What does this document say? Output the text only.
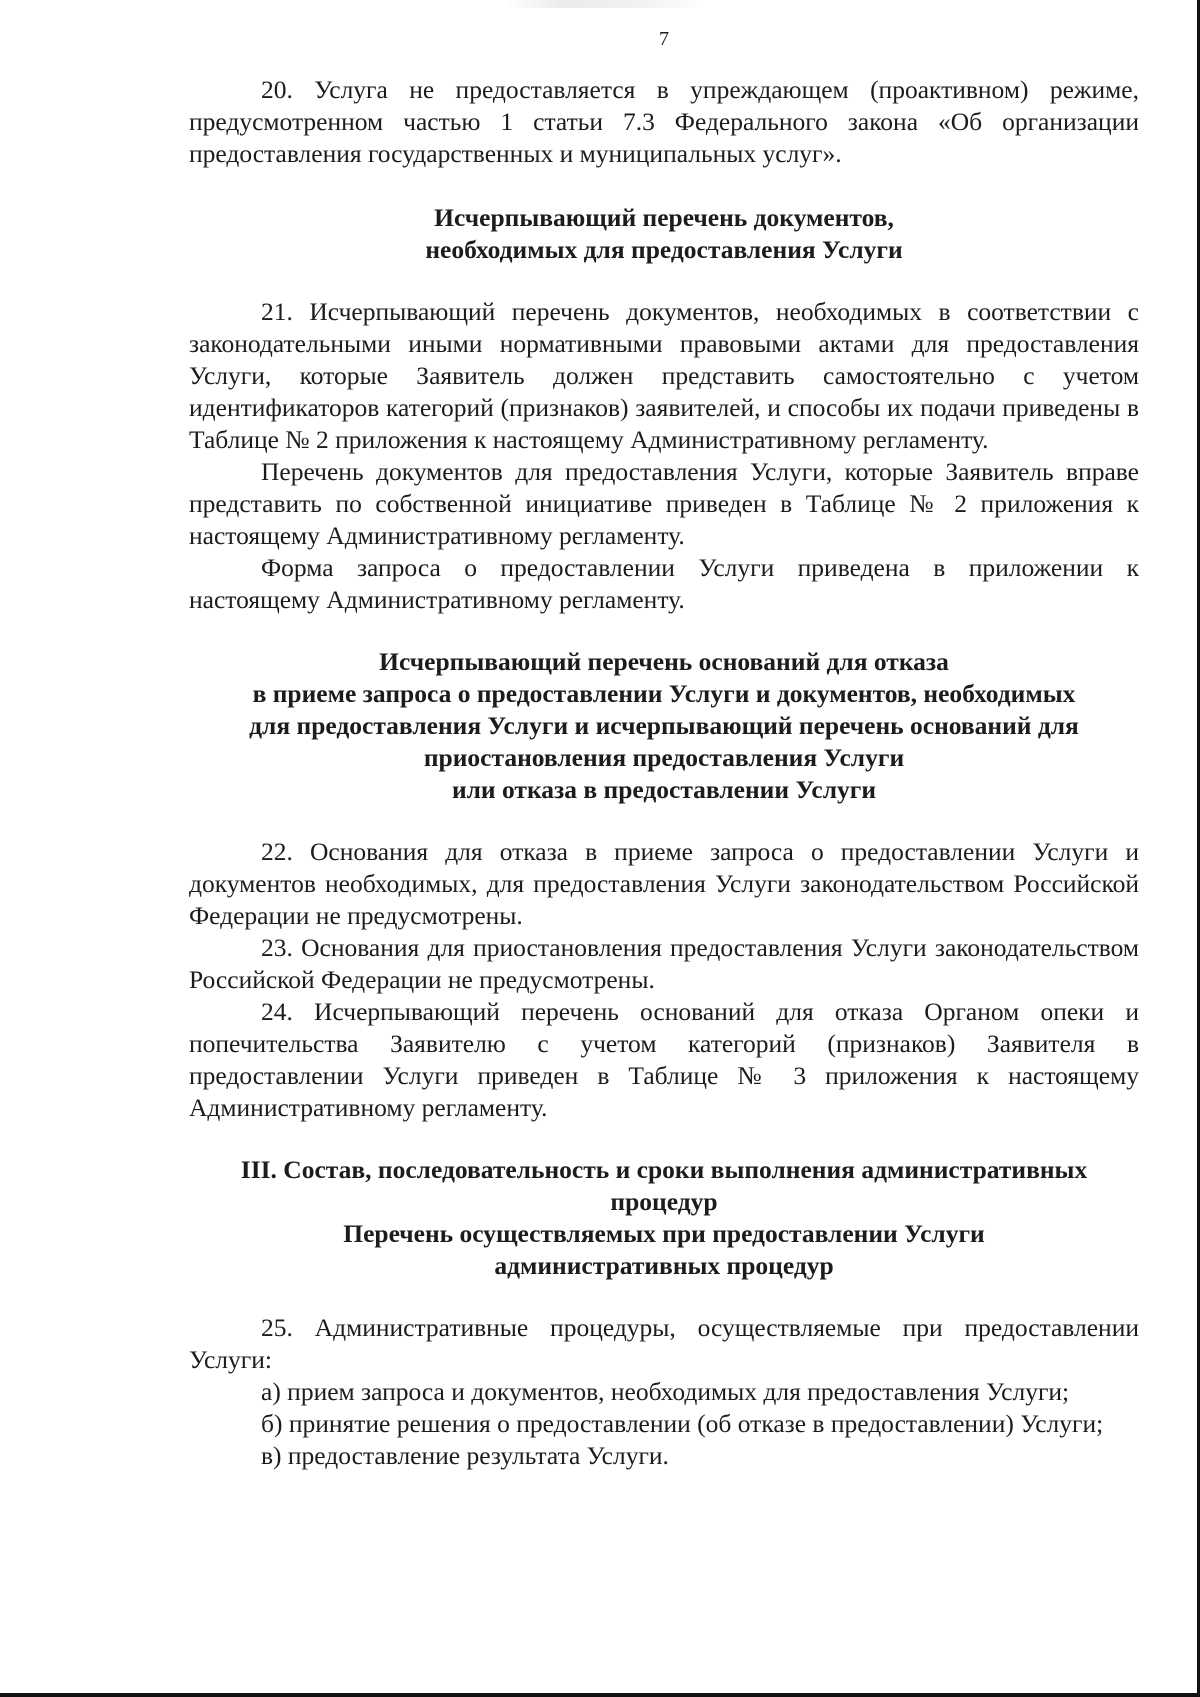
7

20. Услуга не предоставляется в упреждающем (проактивном) режиме, предусмотренном частью 1 статьи 7.3 Федерального закона «Об организации предоставления государственных и муниципальных услуг».

Исчерпывающий перечень документов,
необходимых для предоставления Услуги

21. Исчерпывающий перечень документов, необходимых в соответствии с законодательными иными нормативными правовыми актами для предоставления Услуги, которые Заявитель должен представить самостоятельно с учетом идентификаторов категорий (признаков) заявителей, и способы их подачи приведены в Таблице № 2 приложения к настоящему Административному регламенту.

Перечень документов для предоставления Услуги, которые Заявитель вправе представить по собственной инициативе приведен в Таблице № 2 приложения к настоящему Административному регламенту.

Форма запроса о предоставлении Услуги приведена в приложении к настоящему Административному регламенту.

Исчерпывающий перечень оснований для отказа
в приеме запроса о предоставлении Услуги и документов, необходимых
для предоставления Услуги и исчерпывающий перечень оснований для
приостановления предоставления Услуги
или отказа в предоставлении Услуги

22. Основания для отказа в приеме запроса о предоставлении Услуги и документов необходимых, для предоставления Услуги законодательством Российской Федерации не предусмотрены.

23. Основания для приостановления предоставления Услуги законодательством Российской Федерации не предусмотрены.

24. Исчерпывающий перечень оснований для отказа Органом опеки и попечительства Заявителю с учетом категорий (признаков) Заявителя в предоставлении Услуги приведен в Таблице № 3 приложения к настоящему Административному регламенту.

III. Состав, последовательность и сроки выполнения административных
процедур
Перечень осуществляемых при предоставлении Услуги
административных процедур

25. Административные процедуры, осуществляемые при предоставлении Услуги:

а) прием запроса и документов, необходимых для предоставления Услуги;

б) принятие решения о предоставлении (об отказе в предоставлении) Услуги;

в) предоставление результата Услуги.
